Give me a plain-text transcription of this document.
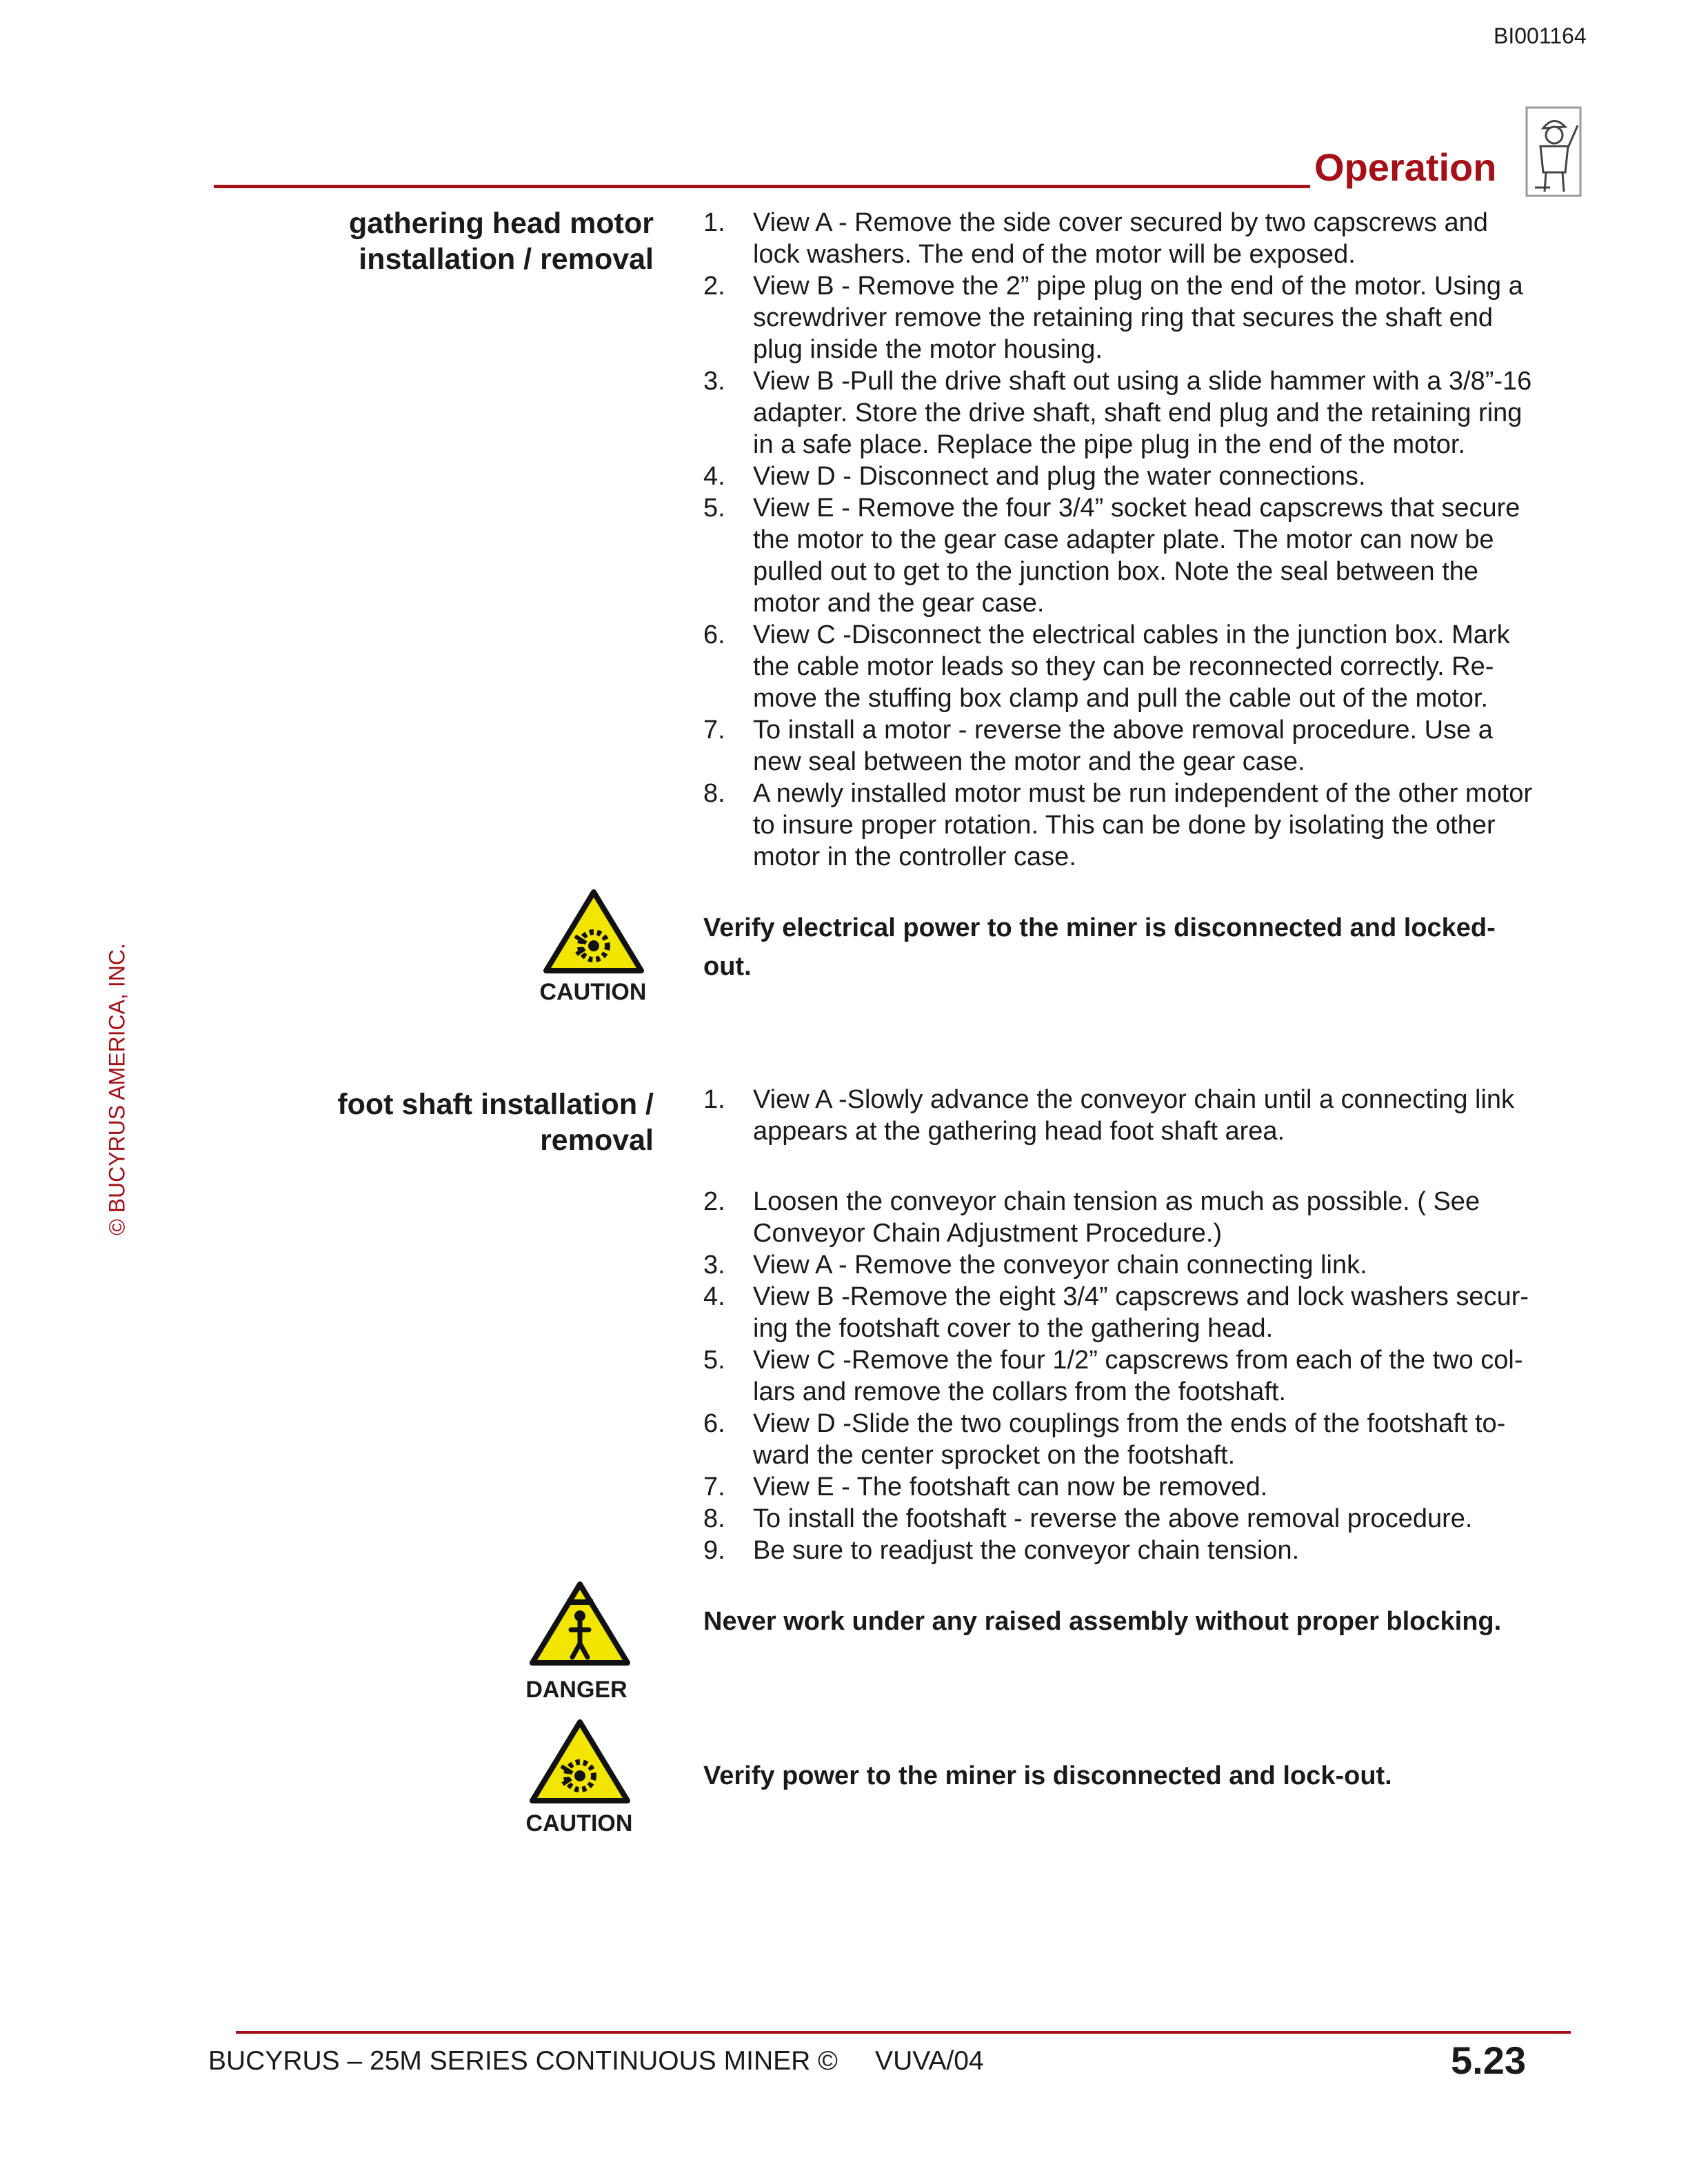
BI001164
Operation
© BUCYRUS AMERICA, INC.
gathering head motor
installation / removal
1. View A - Remove the side cover secured by two capscrews and
lock washers. The end of the motor will be exposed.
2. View B - Remove the 2” pipe plug on the end of the motor. Using a
screwdriver remove the retaining ring that secures the shaft end
plug inside the motor housing.
3. View B -Pull the drive shaft out using a slide hammer with a 3/8”-16
adapter. Store the drive shaft, shaft end plug and the retaining ring
in a safe place. Replace the pipe plug in the end of the motor.
4. View D - Disconnect and plug the water connections.
5. View E - Remove the four 3/4” socket head capscrews that secure
the motor to the gear case adapter plate. The motor can now be
pulled out to get to the junction box. Note the seal between the
motor and the gear case.
6. View C -Disconnect the electrical cables in the junction box. Mark
the cable motor leads so they can be reconnected correctly. Re-
move the stuffing box clamp and pull the cable out of the motor.
7. To install a motor - reverse the above removal procedure. Use a
new seal between the motor and the gear case.
8. A newly installed motor must be run independent of the other motor
to insure proper rotation. This can be done by isolating the other
motor in the controller case.
CAUTION
Verify electrical power to the miner is disconnected and locked-
out.
foot shaft installation /
removal
1. View A -Slowly advance the conveyor chain until a connecting link
appears at the gathering head foot shaft area.
2. Loosen the conveyor chain tension as much as possible. ( See
Conveyor Chain Adjustment Procedure.)
3. View A - Remove the conveyor chain connecting link.
4. View B -Remove the eight 3/4” capscrews and lock washers secur-
ing the footshaft cover to the gathering head.
5. View C -Remove the four 1/2” capscrews from each of the two col-
lars and remove the collars from the footshaft.
6. View D -Slide the two couplings from the ends of the footshaft to-
ward the center sprocket on the footshaft.
7. View E - The footshaft can now be removed.
8. To install the footshaft - reverse the above removal procedure.
9. Be sure to readjust the conveyor chain tension.
DANGER
Never work under any raised assembly without proper blocking.
CAUTION
Verify power to the miner is disconnected and lock-out.
BUCYRUS – 25M SERIES CONTINUOUS MINER ©     VUVA/04	5.23
